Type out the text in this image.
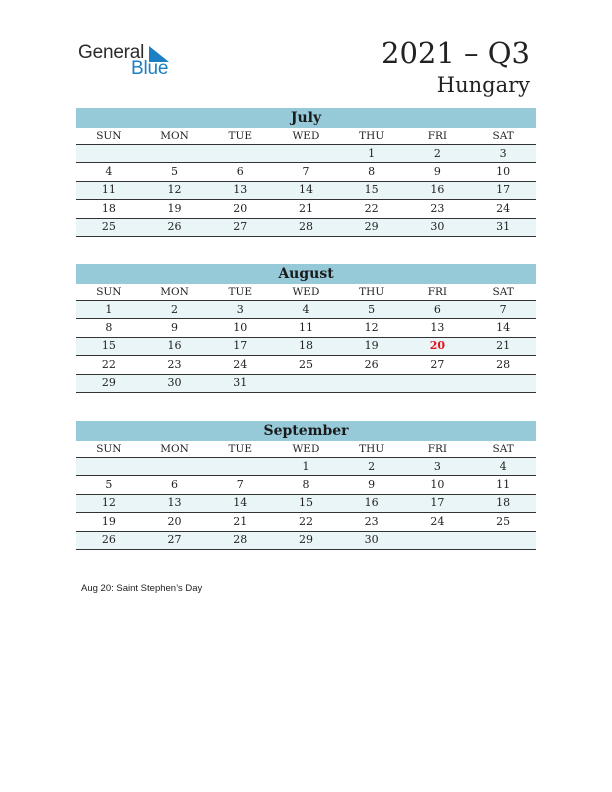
General
Blue	2021 – Q3
Hungary
July
SUN	MON	TUE	WED	THU	FRI	SAT
				1	2	3
4	5	6	7	8	9	10
11	12	13	14	15	16	17
18	19	20	21	22	23	24
25	26	27	28	29	30	31
August
SUN	MON	TUE	WED	THU	FRI	SAT
1	2	3	4	5	6	7
8	9	10	11	12	13	14
15	16	17	18	19	20	21
22	23	24	25	26	27	28
29	30	31				
September
SUN	MON	TUE	WED	THU	FRI	SAT
			1	2	3	4
5	6	7	8	9	10	11
12	13	14	15	16	17	18
19	20	21	22	23	24	25
26	27	28	29	30		
Aug 20: Saint Stephen’s Day
